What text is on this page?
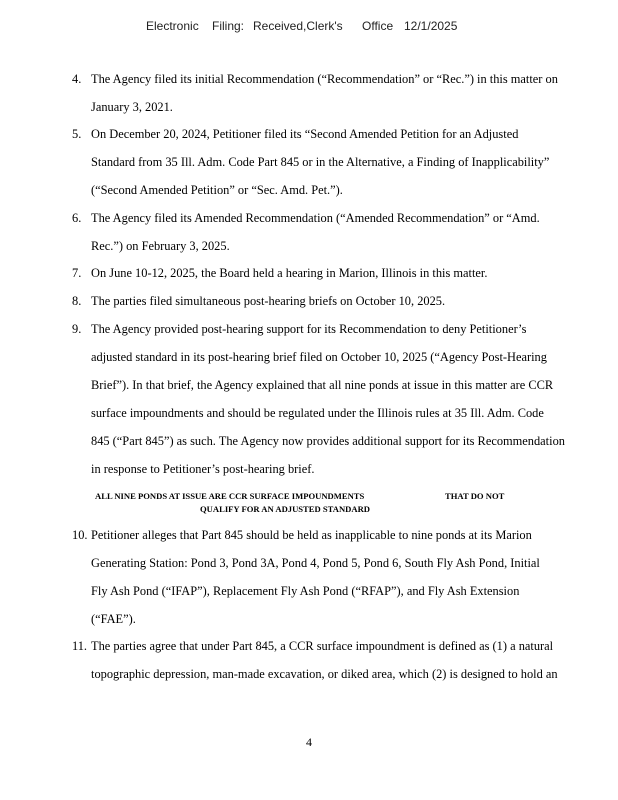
Electronic Filing: Received,Clerk's Office 12/1/2025
4. The Agency filed its initial Recommendation (“Recommendation” or “Rec.”) in this matter on
January 3, 2021.
5. On December 20, 2024, Petitioner filed its “Second Amended Petition for an Adjusted
Standard from 35 Ill. Adm. Code Part 845 or in the Alternative, a Finding of Inapplicability”
(“Second Amended Petition” or “Sec. Amd. Pet.”).
6. The Agency filed its Amended Recommendation (“Amended Recommendation” or “Amd.
Rec.”) on February 3, 2025.
7. On June 10-12, 2025, the Board held a hearing in Marion, Illinois in this matter.
8. The parties filed simultaneous post-hearing briefs on October 10, 2025.
9. The Agency provided post-hearing support for its Recommendation to deny Petitioner’s
adjusted standard in its post-hearing brief filed on October 10, 2025 (“Agency Post-Hearing
Brief”). In that brief, the Agency explained that all nine ponds at issue in this matter are CCR
surface impoundments and should be regulated under the Illinois rules at 35 Ill. Adm. Code
845 (“Part 845”) as such. The Agency now provides additional support for its Recommendation
in response to Petitioner’s post-hearing brief.
ALL NINE PONDS AT ISSUE ARE CCR SURFACE IMPOUNDMENTS	THAT DO NOT
QUALIFY FOR AN ADJUSTED STANDARD
10. Petitioner alleges that Part 845 should be held as inapplicable to nine ponds at its Marion
Generating Station: Pond 3, Pond 3A, Pond 4, Pond 5, Pond 6, South Fly Ash Pond, Initial
Fly Ash Pond (“IFAP”), Replacement Fly Ash Pond (“RFAP”), and Fly Ash Extension
(“FAE”).
11. The parties agree that under Part 845, a CCR surface impoundment is defined as (1) a natural
topographic depression, man-made excavation, or diked area, which (2) is designed to hold an
4
